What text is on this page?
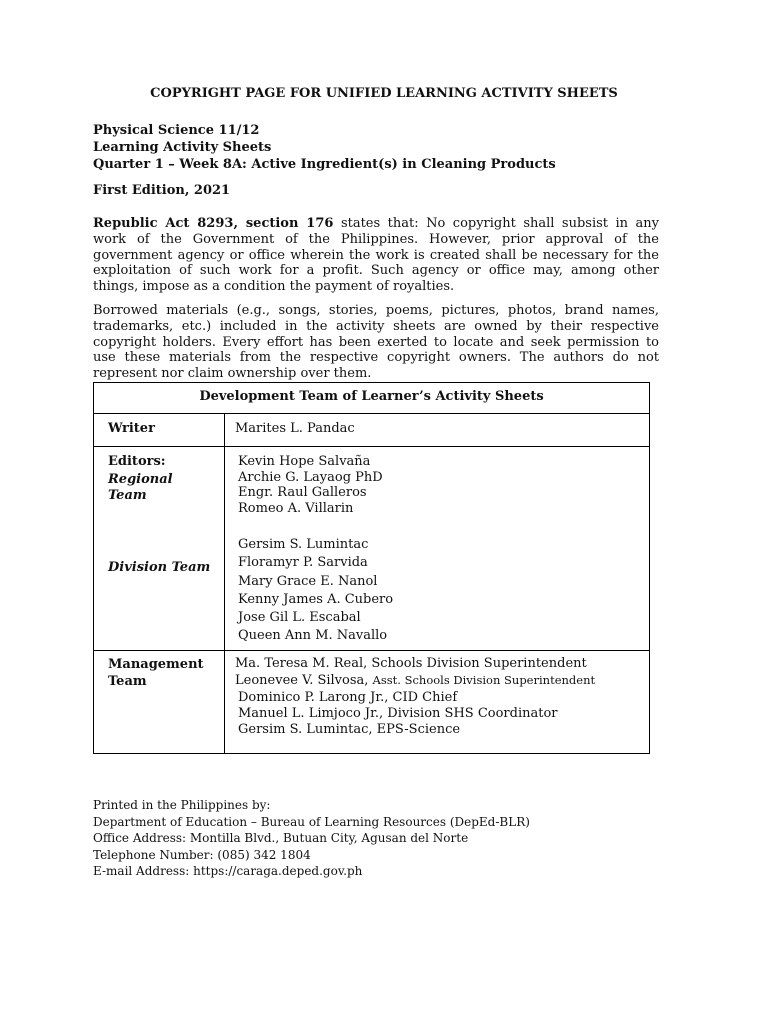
COPYRIGHT PAGE FOR UNIFIED LEARNING ACTIVITY SHEETS
Physical Science 11/12
Learning Activity Sheets
Quarter 1 – Week 8A: Active Ingredient(s) in Cleaning Products
First Edition, 2021
Republic Act 8293, section 176 states that: No copyright shall subsist in any
work of the Government of the Philippines. However, prior approval of the
government agency or office wherein the work is created shall be necessary for the
exploitation of such work for a profit. Such agency or office may, among other
things, impose as a condition the payment of royalties.
Borrowed materials (e.g., songs, stories, poems, pictures, photos, brand names,
trademarks, etc.) included in the activity sheets are owned by their respective
copyright holders. Every effort has been exerted to locate and seek permission to
use these materials from the respective copyright owners. The authors do not
represent nor claim ownership over them.
Development Team of Learner’s Activity Sheets
Writer	Marites L. Pandac
Editors:
Regional
Team
Kevin Hope Salvaña
Archie G. Layaog PhD
Engr. Raul Galleros
Romeo A. Villarin
Division Team
Gersim S. Lumintac
Floramyr P. Sarvida
Mary Grace E. Nanol
Kenny James A. Cubero
Jose Gil L. Escabal
Queen Ann M. Navallo
Management
Team
Ma. Teresa M. Real, Schools Division Superintendent
Leonevee V. Silvosa, Asst. Schools Division Superintendent
Dominico P. Larong Jr., CID Chief
Manuel L. Limjoco Jr., Division SHS Coordinator
Gersim S. Lumintac, EPS-Science
Printed in the Philippines by:
Department of Education – Bureau of Learning Resources (DepEd-BLR)
Office Address: Montilla Blvd., Butuan City, Agusan del Norte
Telephone Number: (085) 342 1804
E-mail Address: https://caraga.deped.gov.ph
